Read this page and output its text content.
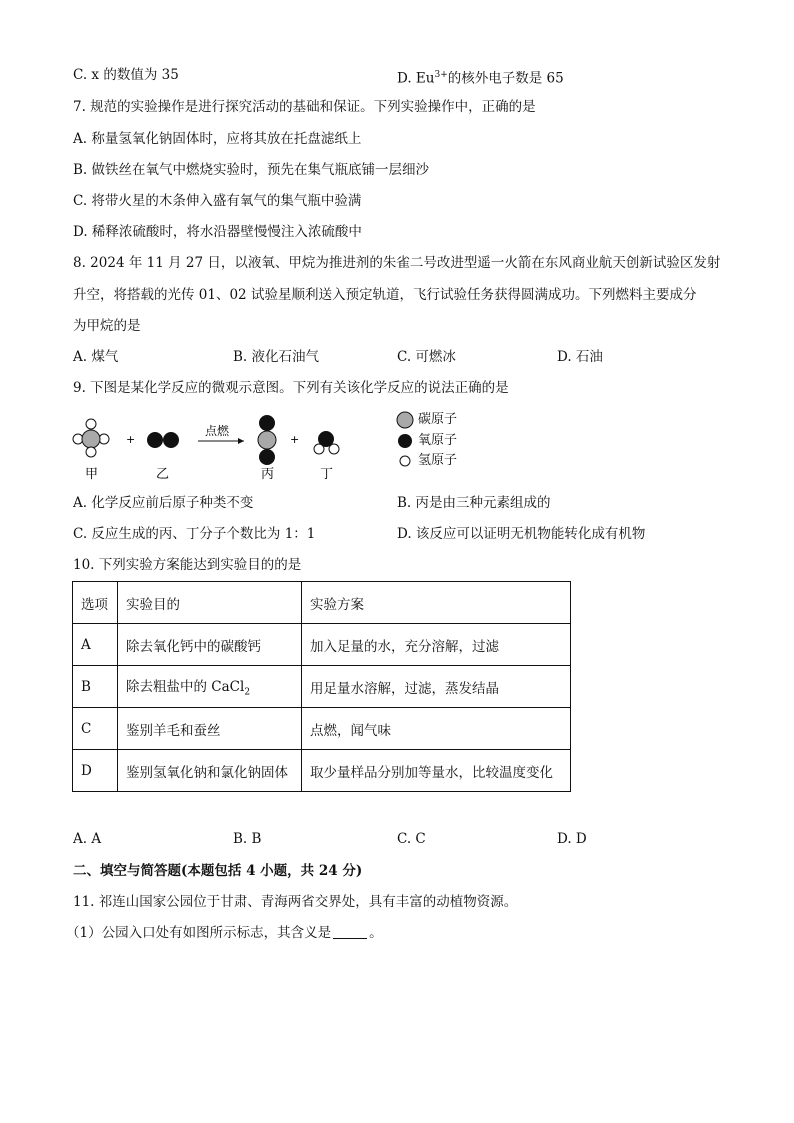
C. x 的数值为 35	D. $Eu^{3+}$的核外电子数是 65
7. 规范的实验操作是进行探究活动的基础和保证。下列实验操作中，正确的是
A. 称量氢氧化钠固体时，应将其放在托盘滤纸上
B. 做铁丝在氧气中燃烧实验时，预先在集气瓶底铺一层细沙
C. 将带火星的木条伸入盛有氧气的集气瓶中验满
D. 稀释浓硫酸时，将水沿器壁慢慢注入浓硫酸中
8. 2024 年 11 月 27 日，以液氧、甲烷为推进剂的朱雀二号改进型遥一火箭在东风商业航天创新试验区发射
升空，将搭载的光传 01、02 试验星顺利送入预定轨道，飞行试验任务获得圆满成功。下列燃料主要成分
为甲烷的是
A. 煤气	B. 液化石油气	C. 可燃冰	D. 石油
9. 下图是某化学反应的微观示意图。下列有关该化学反应的说法正确的是
+
点燃
+
甲	乙	丙	丁
碳原子
氧原子
氢原子
A. 化学反应前后原子种类不变	B. 丙是由三种元素组成的
C. 反应生成的丙、丁分子个数比为 1：1	D. 该反应可以证明无机物能转化成有机物
10. 下列实验方案能达到实验目的的是
选项	实验目的	实验方案
A	除去氧化钙中的碳酸钙	加入足量的水，充分溶解，过滤
B	除去粗盐中的 CaCl$_2$	用足量水溶解，过滤，蒸发结晶
C	鉴别羊毛和蚕丝	点燃，闻气味
D	鉴别氢氧化钠和氯化钠固体	取少量样品分别加等量水，比较温度变化
A. A	B. B	C. C	D. D
二、填空与简答题(本题包括 4 小题，共 24 分)
11. 祁连山国家公园位于甘肃、青海两省交界处，具有丰富的动植物资源。
（1）公园入口处有如图所示标志，其含义是	。
